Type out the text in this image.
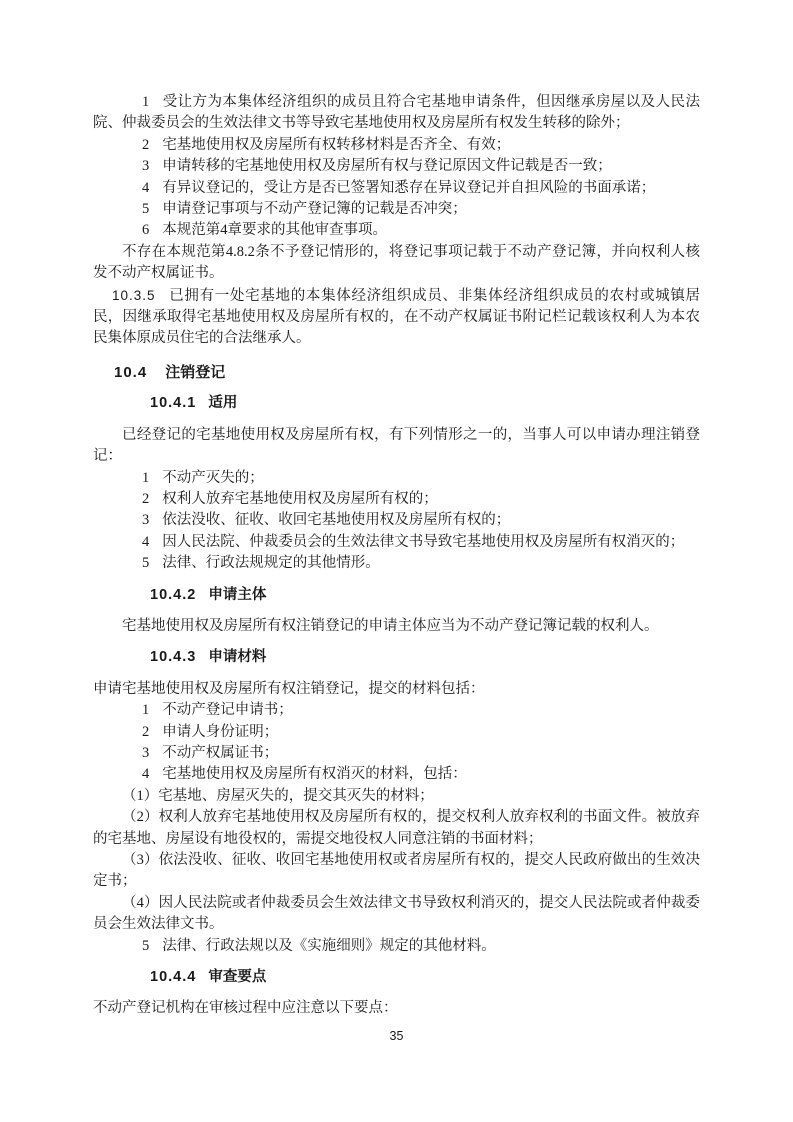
1 受让方为本集体经济组织的成员且符合宅基地申请条件，但因继承房屋以及人民法院、仲裁委员会的生效法律文书等导致宅基地使用权及房屋所有权发生转移的除外；

2 宅基地使用权及房屋所有权转移材料是否齐全、有效；

3 申请转移的宅基地使用权及房屋所有权与登记原因文件记载是否一致；

4 有异议登记的，受让方是否已签署知悉存在异议登记并自担风险的书面承诺；

5 申请登记事项与不动产登记簿的记载是否冲突；

6 本规范第4章要求的其他审查事项。

不存在本规范第4.8.2条不予登记情形的，将登记事项记载于不动产登记簿，并向权利人核发不动产权属证书。

10.3.5 已拥有一处宅基地的本集体经济组织成员、非集体经济组织成员的农村或城镇居民，因继承取得宅基地使用权及房屋所有权的，在不动产权属证书附记栏记载该权利人为本农民集体原成员住宅的合法继承人。

10.4 注销登记
10.4.1 适用

已经登记的宅基地使用权及房屋所有权，有下列情形之一的，当事人可以申请办理注销登记：

1 不动产灭失的；

2 权利人放弃宅基地使用权及房屋所有权的；

3 依法没收、征收、收回宅基地使用权及房屋所有权的；

4 因人民法院、仲裁委员会的生效法律文书导致宅基地使用权及房屋所有权消灭的；

5 法律、行政法规规定的其他情形。

10.4.2 申请主体

宅基地使用权及房屋所有权注销登记的申请主体应当为不动产登记簿记载的权利人。

10.4.3 申请材料

申请宅基地使用权及房屋所有权注销登记，提交的材料包括：

1 不动产登记申请书；

2 申请人身份证明；

3 不动产权属证书；

4 宅基地使用权及房屋所有权消灭的材料，包括：

（1）宅基地、房屋灭失的，提交其灭失的材料；

（2）权利人放弃宅基地使用权及房屋所有权的，提交权利人放弃权利的书面文件。被放弃的宅基地、房屋设有地役权的，需提交地役权人同意注销的书面材料；

（3）依法没收、征收、收回宅基地使用权或者房屋所有权的，提交人民政府做出的生效决定书；

（4）因人民法院或者仲裁委员会生效法律文书导致权利消灭的，提交人民法院或者仲裁委员会生效法律文书。

5 法律、行政法规以及《实施细则》规定的其他材料。

10.4.4 审查要点

不动产登记机构在审核过程中应注意以下要点：

35
